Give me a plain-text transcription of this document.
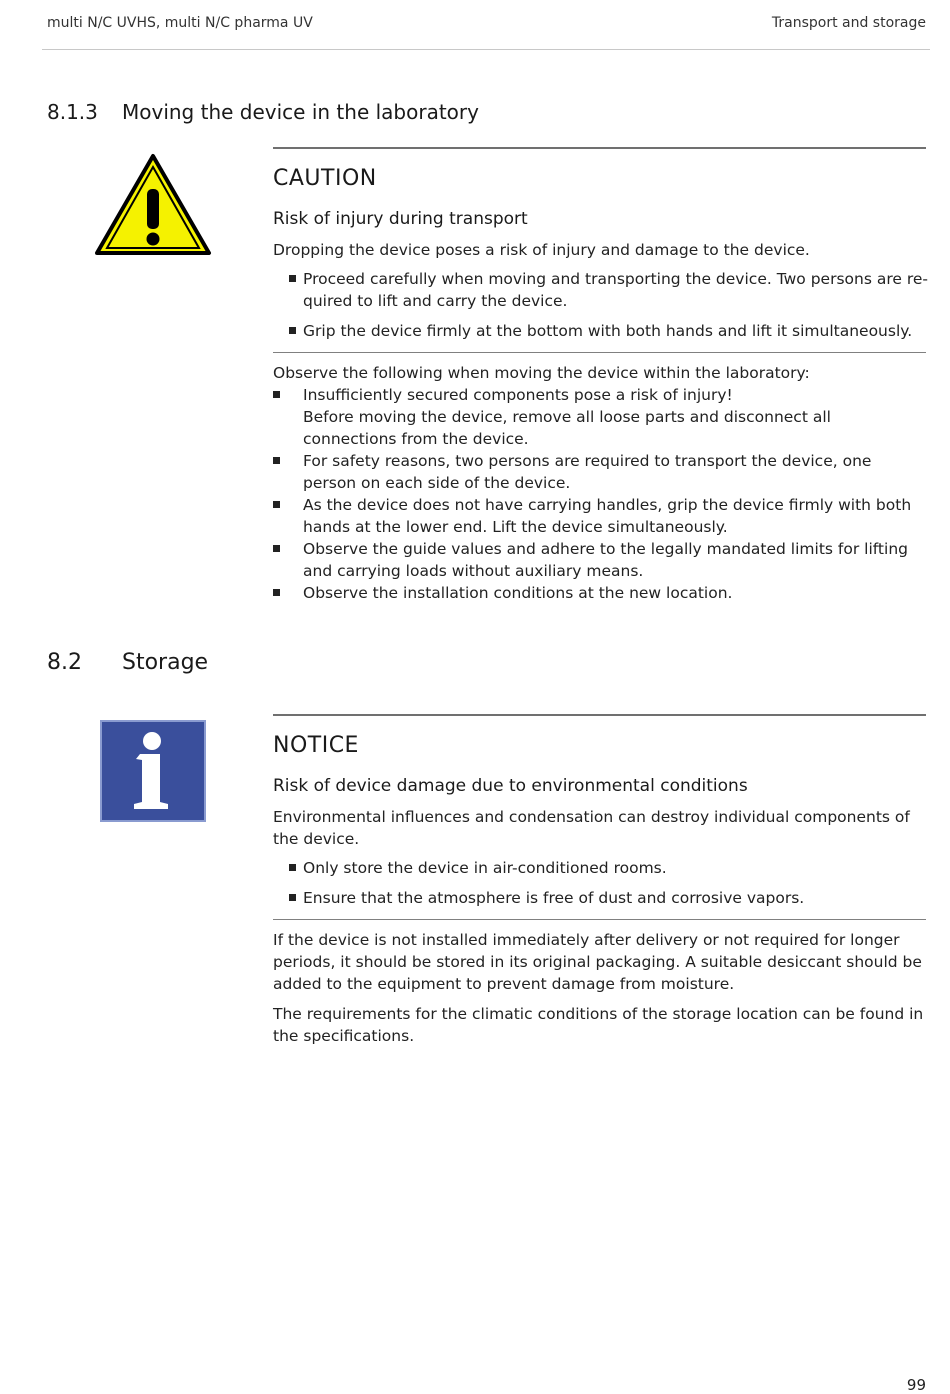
multi N/C UVHS, multi N/C pharma UV	Transport and storage
8.1.3 Moving the device in the laboratory
CAUTION
Risk of injury during transport
Dropping the device poses a risk of injury and damage to the device.
Proceed carefully when moving and transporting the device. Two persons are re-quired to lift and carry the device.
Grip the device firmly at the bottom with both hands and lift it simultaneously.
Observe the following when moving the device within the laboratory:
Insufficiently secured components pose a risk of injury!
Before moving the device, remove all loose parts and disconnect all connections from the device.
For safety reasons, two persons are required to transport the device, one person on each side of the device.
As the device does not have carrying handles, grip the device firmly with both hands at the lower end. Lift the device simultaneously.
Observe the guide values and adhere to the legally mandated limits for lifting and carrying loads without auxiliary means.
Observe the installation conditions at the new location.
8.2 Storage
NOTICE
Risk of device damage due to environmental conditions
Environmental influences and condensation can destroy individual components of the device.
Only store the device in air-conditioned rooms.
Ensure that the atmosphere is free of dust and corrosive vapors.
If the device is not installed immediately after delivery or not required for longer periods, it should be stored in its original packaging. A suitable desiccant should be added to the equipment to prevent damage from moisture.
The requirements for the climatic conditions of the storage location can be found in the specifications.
99
